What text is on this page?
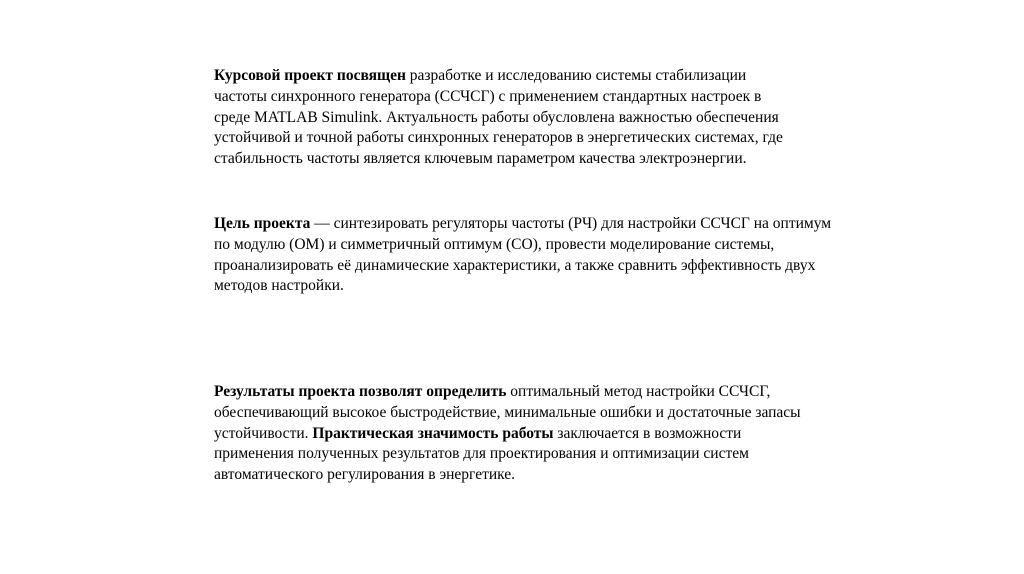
Курсовой проект посвящен разработке и исследованию системы стабилизации
частоты синхронного генератора (ССЧСГ) с применением стандартных настроек в
среде MATLAB Simulink. Актуальность работы обусловлена важностью обеспечения
устойчивой и точной работы синхронных генераторов в энергетических системах, где
стабильность частоты является ключевым параметром качества электроэнергии.
Цель проекта — синтезировать регуляторы частоты (РЧ) для настройки ССЧСГ на оптимум
по модулю (ОМ) и симметричный оптимум (СО), провести моделирование системы,
проанализировать её динамические характеристики, а также сравнить эффективность двух
методов настройки.
Результаты проекта позволят определить оптимальный метод настройки ССЧСГ,
обеспечивающий высокое быстродействие, минимальные ошибки и достаточные запасы
устойчивости. Практическая значимость работы заключается в возможности
применения полученных результатов для проектирования и оптимизации систем
автоматического регулирования в энергетике.
